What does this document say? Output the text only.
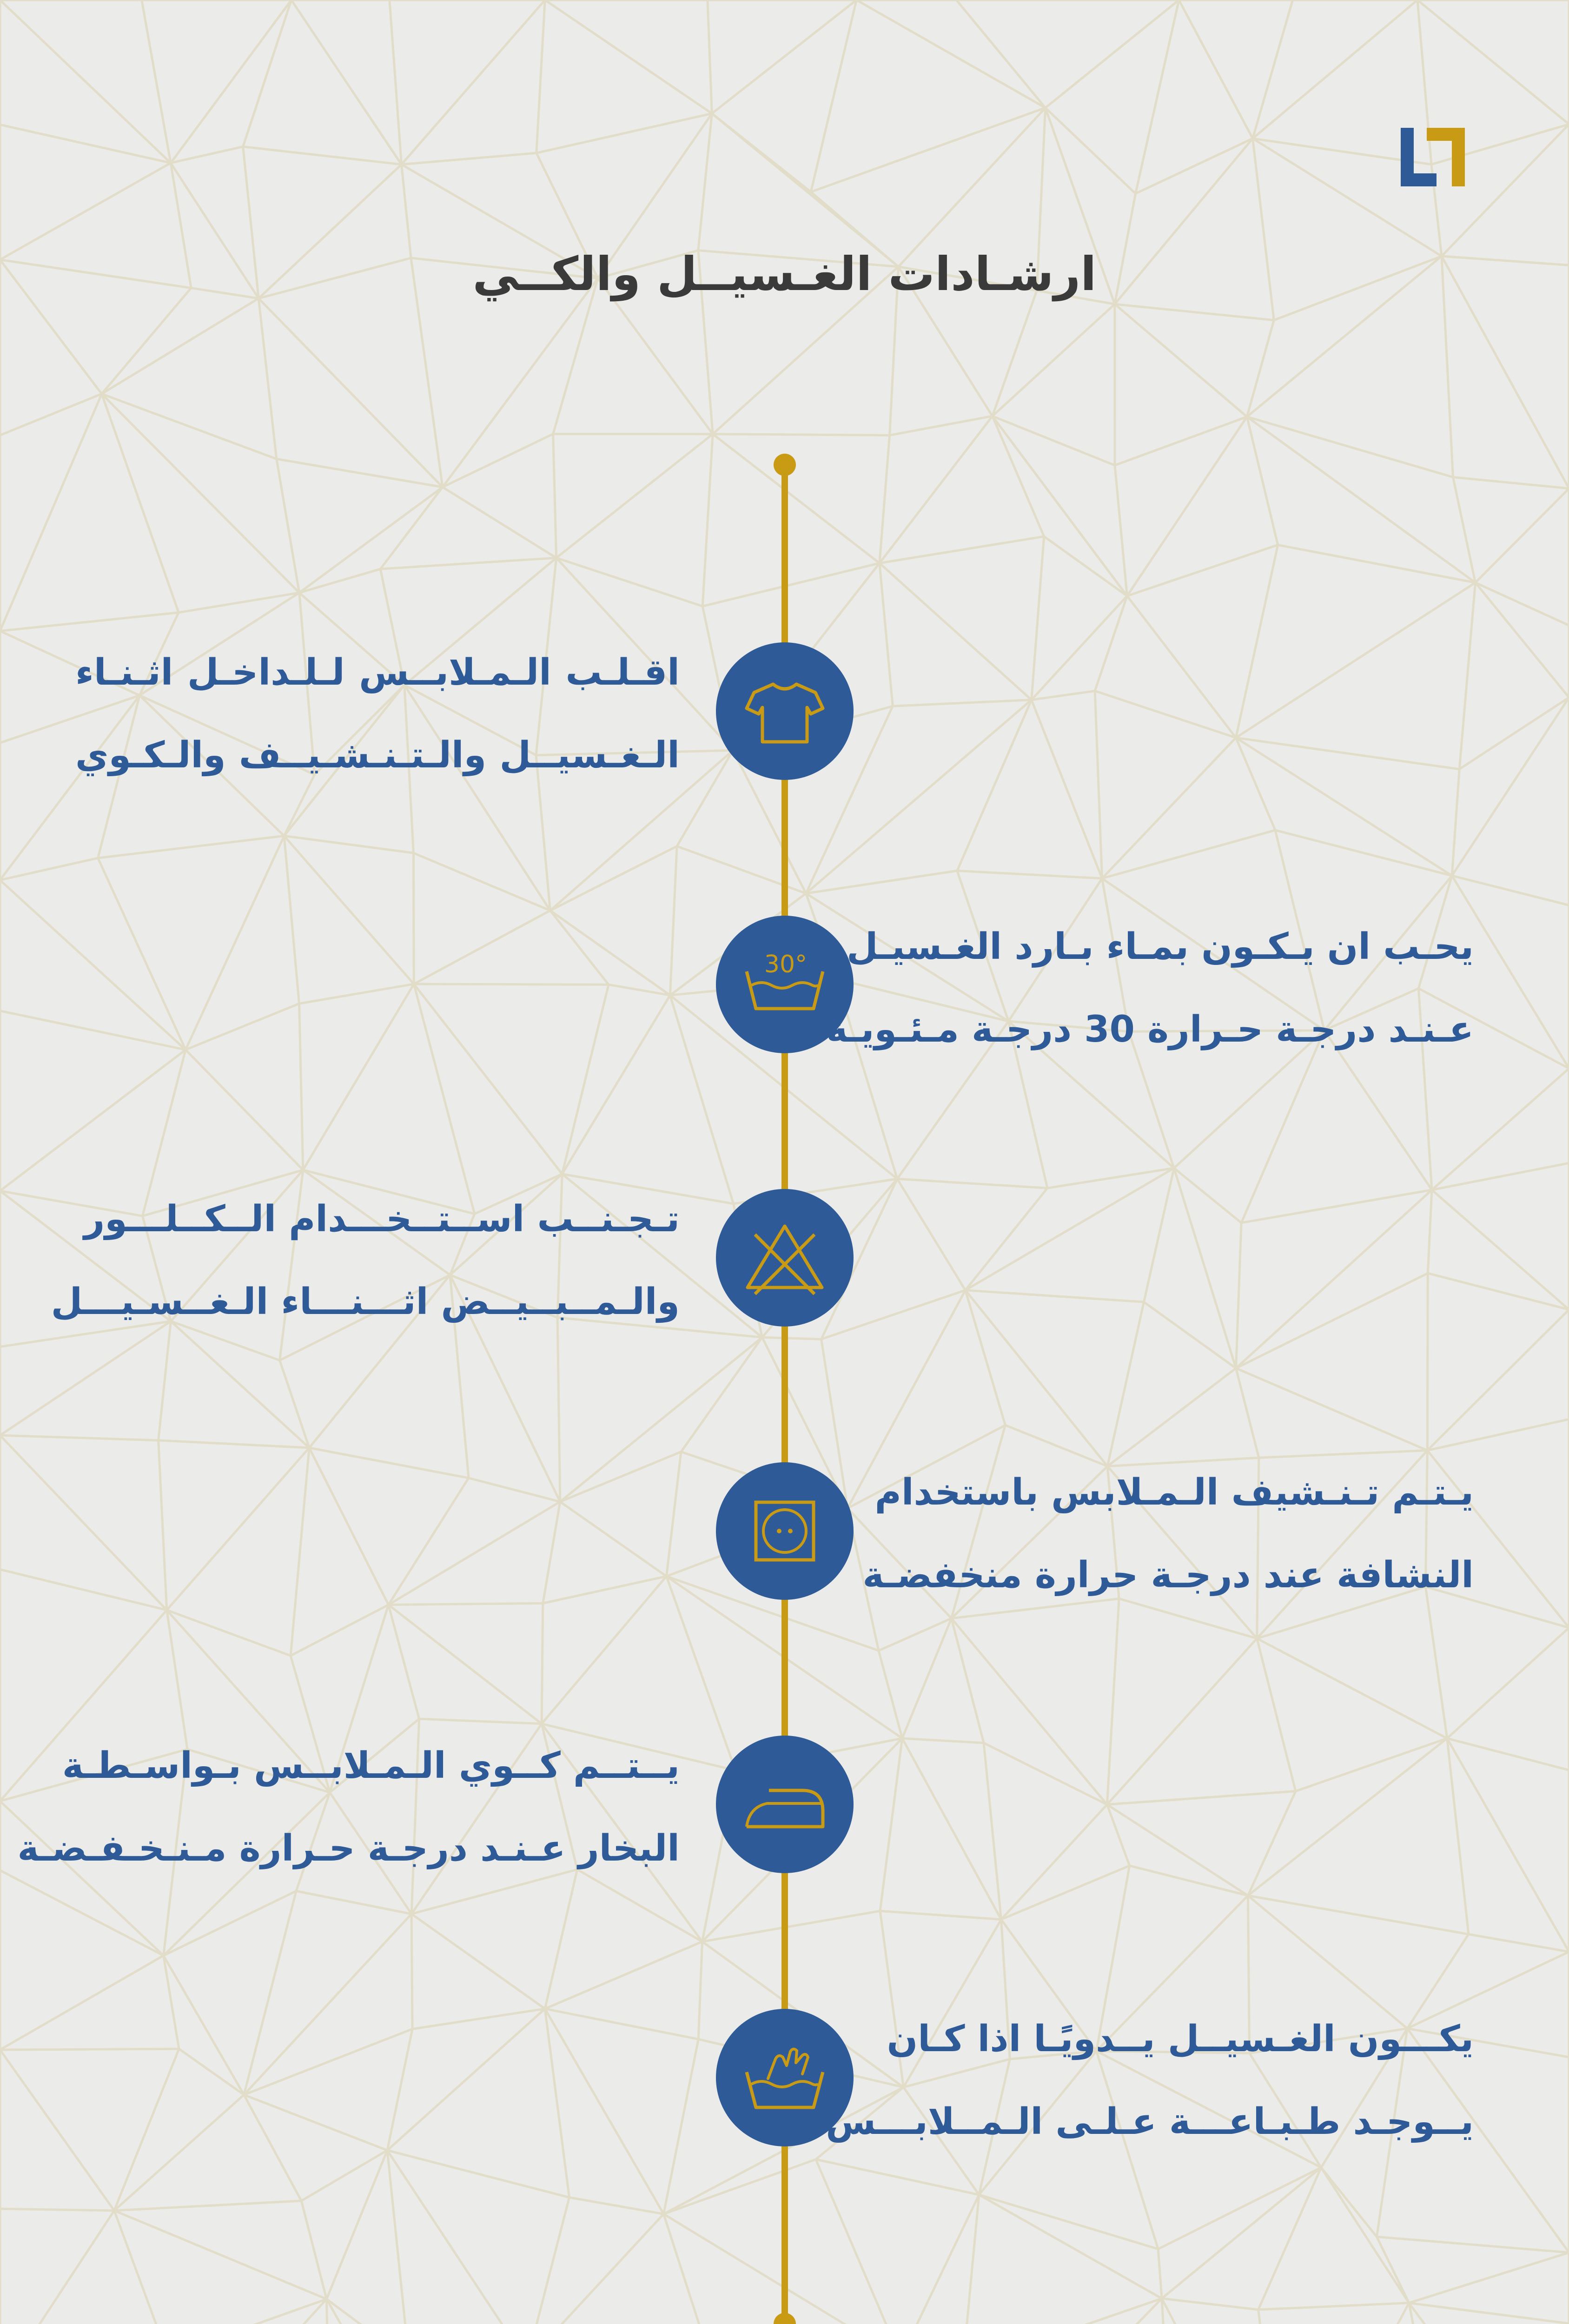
ارشـادات الغـسيــل والكــي
اقـلـب الـمـلابــس لـلـداخـل اثـنـاء
الـغـسيــل والـتـنـشـيــف والـكـوي
30° يحـب ان يـكـون بمـاء بـارد الغـسيـل
عـنـد درجـة حـرارة 30 درجـة مـئـويـة
تـجـنــب اســتــخـــدام الــكــلـــور
والـمــبــيــض اثـــنـــاء الـغــسـيـــل
يـتـم تـنـشيف الـمـلابس باستخدام
النشافة عند درجـة حرارة منخفضـة
يــتــم كــوي الـمـلابــس بـواسـطـة
البخار عـنـد درجـة حـرارة مـنـخـفـضـة
يكـــون الغـسيــل يــدويًـا اذا كـان
يــوجـد طـبـاعـــة عـلـى الـمــلابـــس
